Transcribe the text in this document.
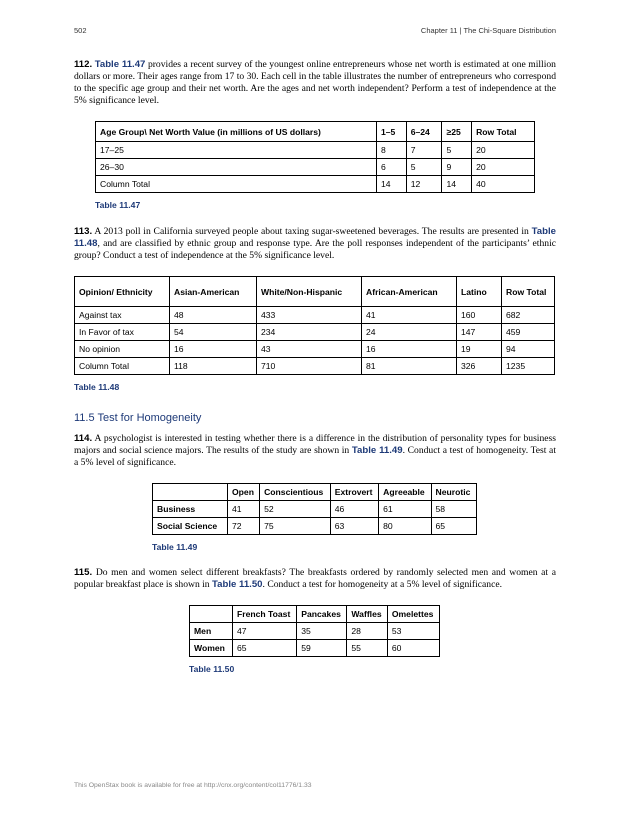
502	Chapter 11 | The Chi-Square Distribution

112. Table 11.47 provides a recent survey of the youngest online entrepreneurs whose net worth is estimated at one million dollars or more. Their ages range from 17 to 30. Each cell in the table illustrates the number of entrepreneurs who correspond to the specific age group and their net worth. Are the ages and net worth independent? Perform a test of independence at the 5% significance level.

Age Group\ Net Worth Value (in millions of US dollars)	1–5	6–24	≥25	Row Total
17–25	8	7	5	20
26–30	6	5	9	20
Column Total	14	12	14	40
Table 11.47

113. A 2013 poll in California surveyed people about taxing sugar-sweetened beverages. The results are presented in Table 11.48, and are classified by ethnic group and response type. Are the poll responses independent of the participants’ ethnic group? Conduct a test of independence at the 5% significance level.

Opinion/ Ethnicity	Asian-American	White/Non-Hispanic	African-American	Latino	Row Total
Against tax	48	433	41	160	682
In Favor of tax	54	234	24	147	459
No opinion	16	43	16	19	94
Column Total	118	710	81	326	1235
Table 11.48
11.5 Test for Homogeneity

114. A psychologist is interested in testing whether there is a difference in the distribution of personality types for business majors and social science majors. The results of the study are shown in Table 11.49. Conduct a test of homogeneity. Test at a 5% level of significance.

	Open	Conscientious	Extrovert	Agreeable	Neurotic
Business	41	52	46	61	58
Social Science	72	75	63	80	65
Table 11.49

115. Do men and women select different breakfasts? The breakfasts ordered by randomly selected men and women at a popular breakfast place is shown in Table 11.50. Conduct a test for homogeneity at a 5% level of significance.

	French Toast	Pancakes	Waffles	Omelettes
Men	47	35	28	53
Women	65	59	55	60
Table 11.50
This OpenStax book is available for free at http://cnx.org/content/col11776/1.33
